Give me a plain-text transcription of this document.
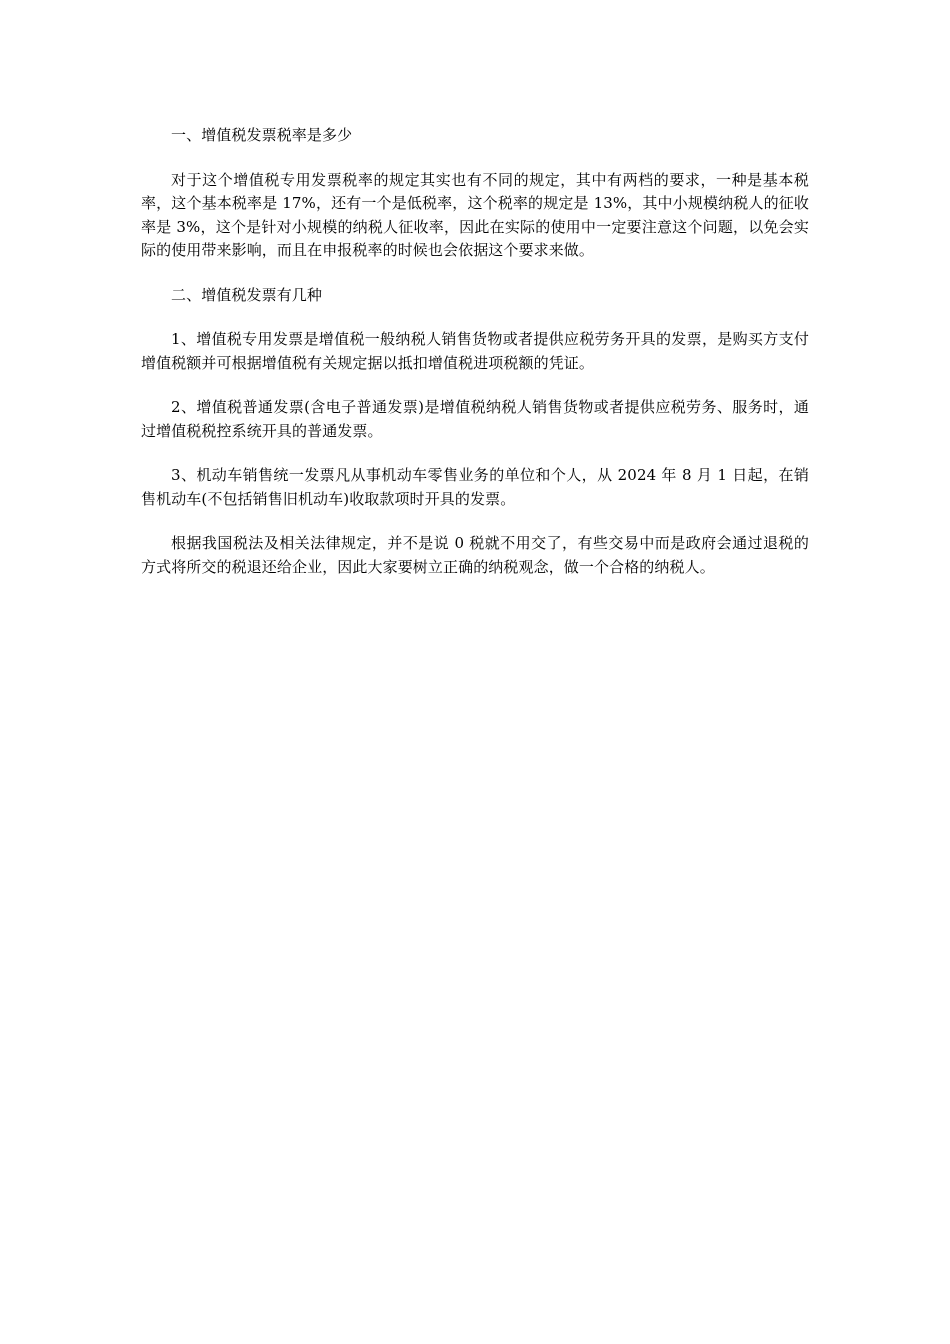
一、增值税发票税率是多少

对于这个增值税专用发票税率的规定其实也有不同的规定，其中有两档的要求，一种是基本税率，这个基本税率是 17%，还有一个是低税率，这个税率的规定是 13%，其中小规模纳税人的征收率是 3%，这个是针对小规模的纳税人征收率，因此在实际的使用中一定要注意这个问题，以免会实际的使用带来影响，而且在申报税率的时候也会依据这个要求来做。

二、增值税发票有几种

1、增值税专用发票是增值税一般纳税人销售货物或者提供应税劳务开具的发票，是购买方支付增值税额并可根据增值税有关规定据以抵扣增值税进项税额的凭证。

2、增值税普通发票(含电子普通发票)是增值税纳税人销售货物或者提供应税劳务、服务时，通过增值税税控系统开具的普通发票。

3、机动车销售统一发票凡从事机动车零售业务的单位和个人，从 2024 年 8 月 1 日起，在销售机动车(不包括销售旧机动车)收取款项时开具的发票。

根据我国税法及相关法律规定，并不是说 0 税就不用交了，有些交易中而是政府会通过退税的方式将所交的税退还给企业，因此大家要树立正确的纳税观念，做一个合格的纳税人。
